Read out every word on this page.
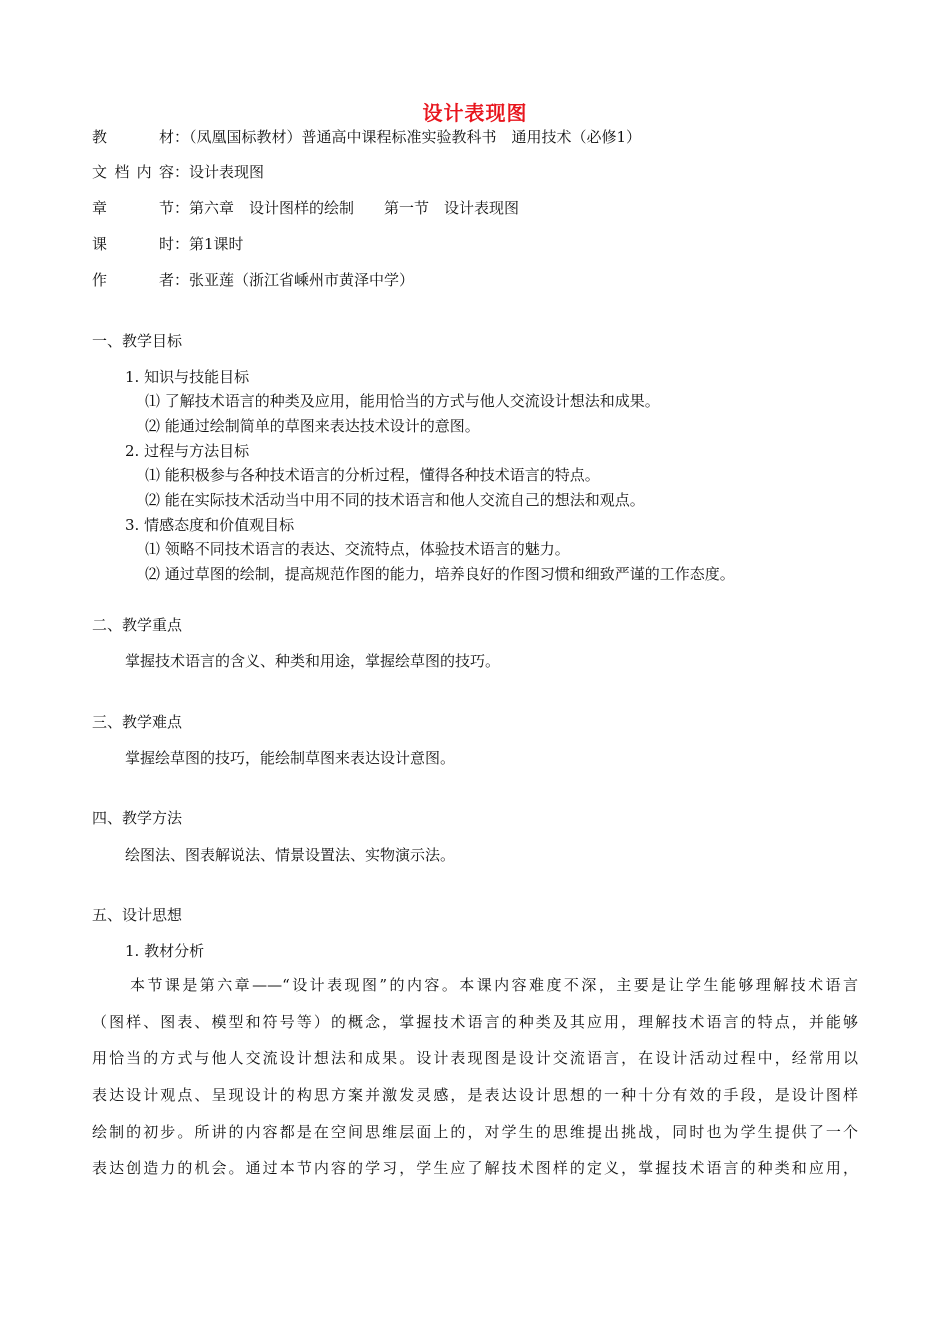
设计表现图
教　　材：（凤凰国标教材）普通高中课程标准实验教科书　通用技术（必修1）
文档内容：设计表现图
章　　节：第六章　设计图样的绘制　　第一节　设计表现图
课　　时：第1课时
作　　者：张亚莲（浙江省嵊州市黄泽中学）
一、教学目标
1. 知识与技能目标
⑴ 了解技术语言的种类及应用，能用恰当的方式与他人交流设计想法和成果。
⑵ 能通过绘制简单的草图来表达技术设计的意图。
2. 过程与方法目标
⑴ 能积极参与各种技术语言的分析过程，懂得各种技术语言的特点。
⑵ 能在实际技术活动当中用不同的技术语言和他人交流自己的想法和观点。
3. 情感态度和价值观目标
⑴ 领略不同技术语言的表达、交流特点，体验技术语言的魅力。
⑵ 通过草图的绘制，提高规范作图的能力，培养良好的作图习惯和细致严谨的工作态度。
二、教学重点
掌握技术语言的含义、种类和用途，掌握绘草图的技巧。
三、教学难点
掌握绘草图的技巧，能绘制草图来表达设计意图。
四、教学方法
绘图法、图表解说法、情景设置法、实物演示法。
五、设计思想
1. 教材分析
本节课是第六章——“设计表现图”的内容。本课内容难度不深，主要是让学生能够理解技术语言
（图样、图表、模型和符号等）的概念，掌握技术语言的种类及其应用，理解技术语言的特点，并能够
用恰当的方式与他人交流设计想法和成果。设计表现图是设计交流语言，在设计活动过程中，经常用以
表达设计观点、呈现设计的构思方案并激发灵感，是表达设计思想的一种十分有效的手段，是设计图样
绘制的初步。所讲的内容都是在空间思维层面上的，对学生的思维提出挑战，同时也为学生提供了一个
表达创造力的机会。通过本节内容的学习，学生应了解技术图样的定义，掌握技术语言的种类和应用，
